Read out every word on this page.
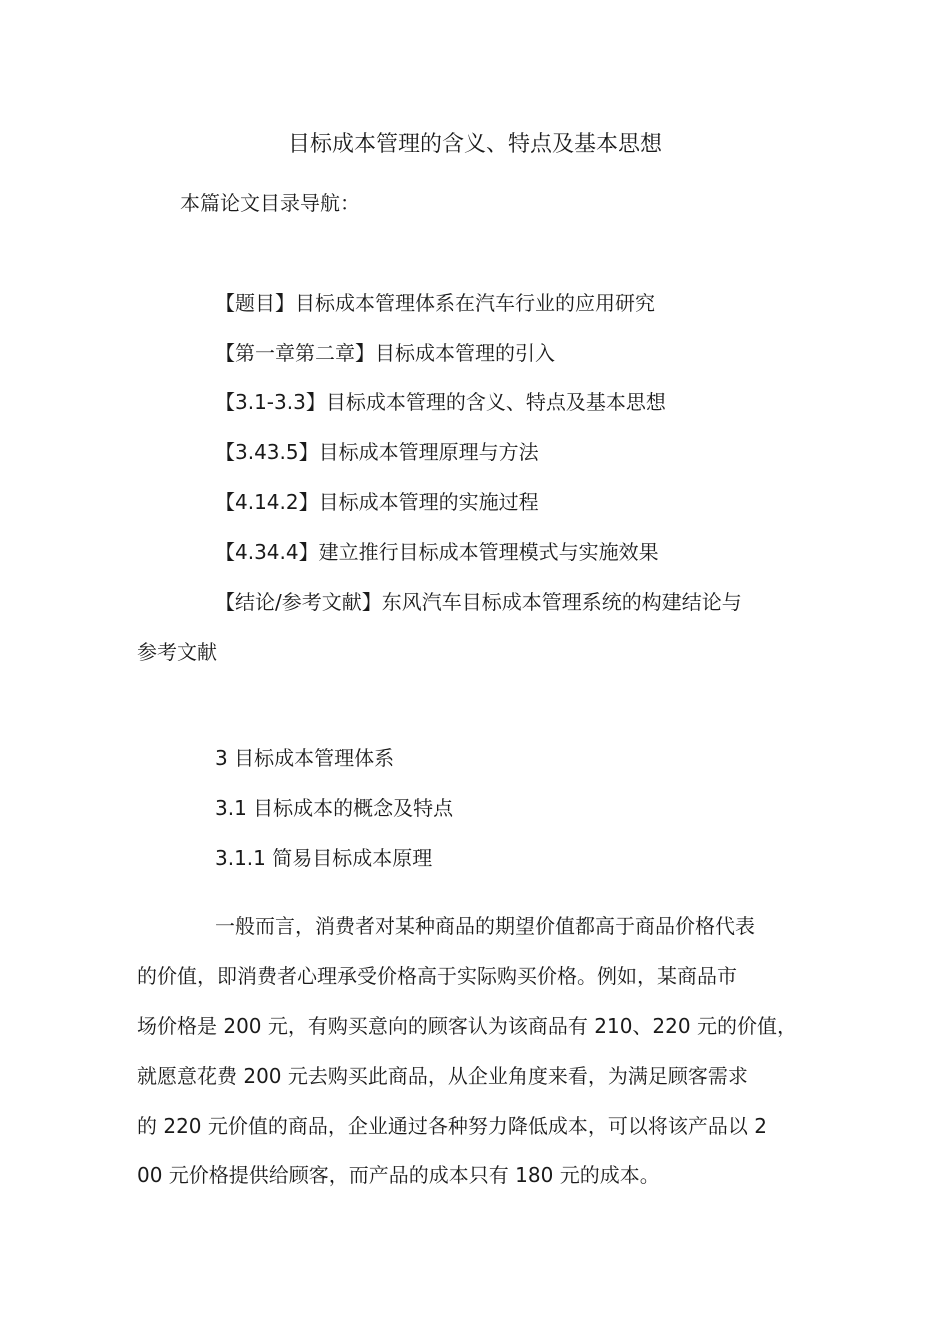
目标成本管理的含义、特点及基本思想
本篇论文目录导航：
【题目】目标成本管理体系在汽车行业的应用研究
【第一章第二章】目标成本管理的引入
【3.1-3.3】目标成本管理的含义、特点及基本思想
【3.43.5】目标成本管理原理与方法
【4.14.2】目标成本管理的实施过程
【4.34.4】建立推行目标成本管理模式与实施效果
【结论/参考文献】东风汽车目标成本管理系统的构建结论与
参考文献
3 目标成本管理体系
3.1 目标成本的概念及特点
3.1.1 简易目标成本原理
一般而言，消费者对某种商品的期望价值都高于商品价格代表
的价值，即消费者心理承受价格高于实际购买价格。例如，某商品市
场价格是 200 元，有购买意向的顾客认为该商品有 210、220 元的价值，
就愿意花费 200 元去购买此商品，从企业角度来看，为满足顾客需求
的 220 元价值的商品，企业通过各种努力降低成本，可以将该产品以 2
00 元价格提供给顾客，而产品的成本只有 180 元的成本。
